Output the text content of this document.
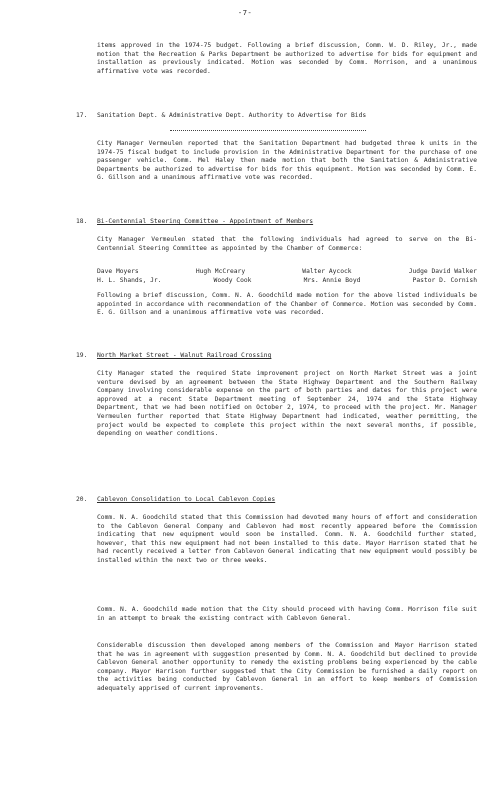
-7-

items approved in the 1974-75 budget. Following a brief discussion, Comm. W. D. Riley, Jr., made motion that the Recreation & Parks Department be authorized to advertise for bids for equipment and installation as previously indicated. Motion was seconded by Comm. Morrison, and a unanimous affirmative vote was recorded.

17. Sanitation Dept. & Administrative Dept. Authority to Advertise for Bids

City Manager Vermeulen reported that the Sanitation Department had budgeted three k units in the 1974-75 fiscal budget to include provision in the Administrative Department for the purchase of one passenger vehicle. Comm. Mel Haley then made motion that both the Sanitation & Administrative Departments be authorized to advertise for bids for this equipment. Motion was seconded by Comm. E. G. Gillson and a unanimous affirmative vote was recorded.

18. Bi-Centennial Steering Committee - Appointment of Members

City Manager Vermeulen stated that the following individuals had agreed to serve on the Bi-Centennial Steering Committee as appointed by the Chamber of Commerce:

Dave Moyers	Hugh McCreary	Walter Aycock	Judge David Walker
H. L. Shands, Jr.	Woody Cook	Mrs. Annie Boyd	Pastor D. Cornish

Following a brief discussion, Comm. N. A. Goodchild made motion for the above listed individuals be appointed in accordance with recommendation of the Chamber of Commerce. Motion was seconded by Comm. E. G. Gillson and a unanimous affirmative vote was recorded.

19. North Market Street - Walnut Railroad Crossing

City Manager stated the required State improvement project on North Market Street was a joint venture devised by an agreement between the State Highway Department and the Southern Railway Company involving considerable expense on the part of both parties and dates for this project were approved at a recent State Department meeting of September 24, 1974 and the State Highway Department, that we had been notified on October 2, 1974, to proceed with the project. Mr. Manager Vermeulen further reported that State Highway Department had indicated, weather permitting, the project would be expected to complete this project within the next several months, if possible, depending on weather conditions.

20. Cablevon Consolidation to Local Cablevon Copies

Comm. N. A. Goodchild stated that this Commission had devoted many hours of effort and consideration to the Cablevon General Company and Cablevon had most recently appeared before the Commission indicating that new equipment would soon be installed. Comm. N. A. Goodchild further stated, however, that this new equipment had not been installed to this date. Mayor Harrison stated that he had recently received a letter from Cablevon General indicating that new equipment would possibly be installed within the next two or three weeks.

Comm. N. A. Goodchild made motion that the City should proceed with having Comm. Morrison file suit in an attempt to break the existing contract with Cablevon General.

Considerable discussion then developed among members of the Commission and Mayor Harrison stated that he was in agreement with suggestion presented by Comm. N. A. Goodchild but declined to provide Cablevon General another opportunity to remedy the existing problems being experienced by the cable company. Mayor Harrison further suggested that the City Commission be furnished a daily report on the activities being conducted by Cablevon General in an effort to keep members of Commission adequately apprised of current improvements.
